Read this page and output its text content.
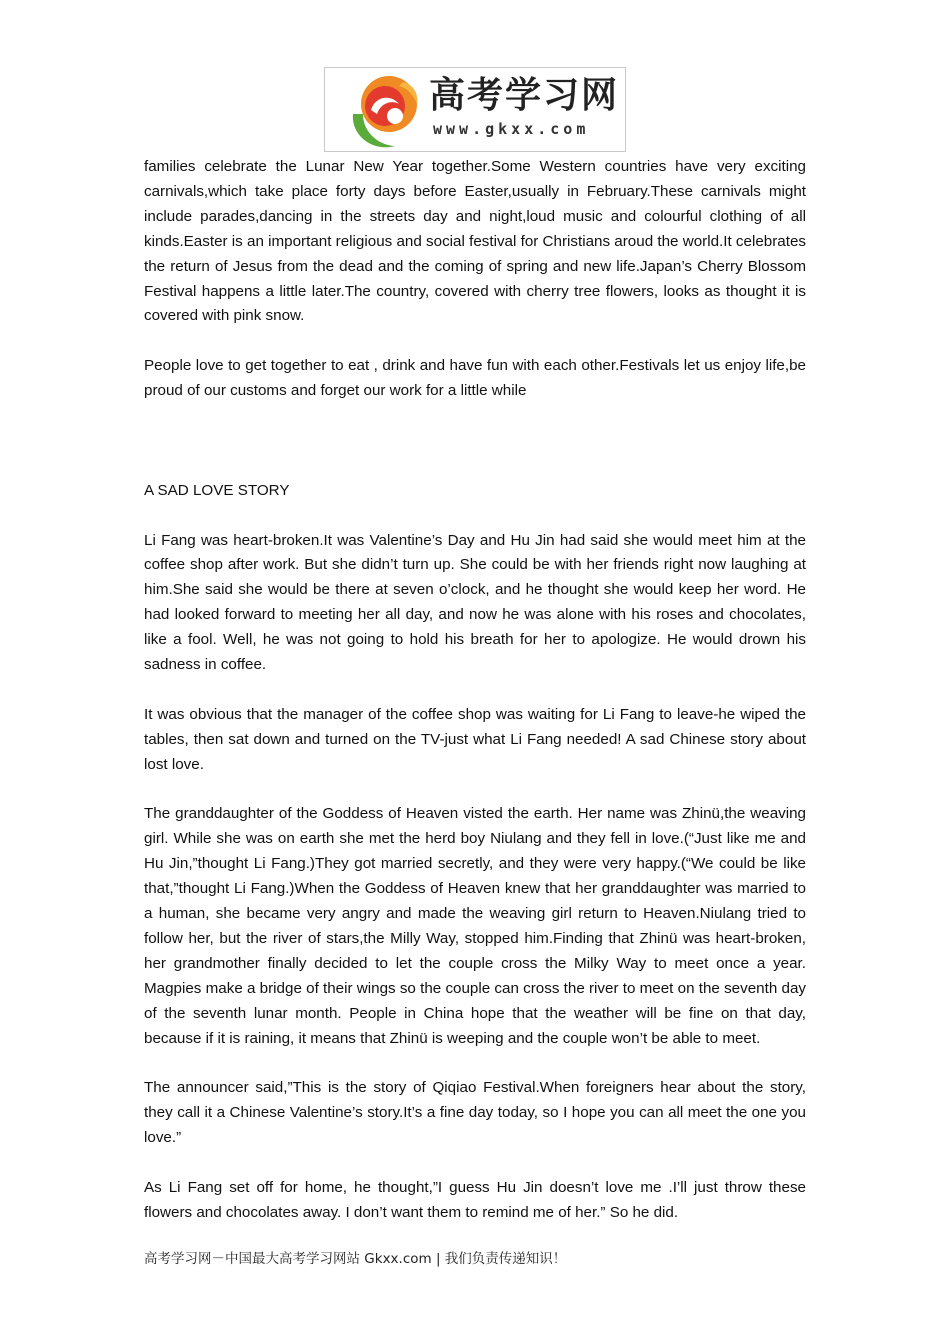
高考学习网
www.gkxx.com

families celebrate the Lunar New Year together.Some Western countries have very exciting carnivals,which take place forty days before Easter,usually in February.These carnivals might include parades,dancing in the streets day and night,loud music and colourful clothing of all kinds.Easter is an important religious and social festival for Christians aroud the world.It celebrates the return of Jesus from the dead and the coming of spring and new life.Japan’s Cherry Blossom Festival happens a little later.The country, covered with cherry tree flowers, looks as thought it is covered with pink snow.

People love to get together to eat , drink and have fun with each other.Festivals let us enjoy life,be proud of our customs and forget our work for a little while

A SAD LOVE STORY

Li Fang was heart-broken.It was Valentine’s Day and Hu Jin had said she would meet him at the coffee shop after work. But she didn’t turn up. She could be with her friends right now laughing at him.She said she would be there at seven o’clock, and he thought she would keep her word. He had looked forward to meeting her all day, and now he was alone with his roses and chocolates, like a fool. Well, he was not going to hold his breath for her to apologize. He would drown his sadness in coffee.

It was obvious that the manager of the coffee shop was waiting for Li Fang to leave-he wiped the tables, then sat down and turned on the TV-just what Li Fang needed! A sad Chinese story about lost love.

The granddaughter of the Goddess of Heaven visted the earth. Her name was Zhinü,the weaving girl. While she was on earth she met the herd boy Niulang and they fell in love.(“Just like me and Hu Jin,”thought Li Fang.)They got married secretly, and they were very happy.(“We could be like that,”thought Li Fang.)When the Goddess of Heaven knew that her granddaughter was married to a human, she became very angry and made the weaving girl return to Heaven.Niulang tried to follow her, but the river of stars,the Milly Way, stopped him.Finding that Zhinü was heart-broken, her grandmother finally decided to let the couple cross the Milky Way to meet once a year. Magpies make a bridge of their wings so the couple can cross the river to meet on the seventh day of the seventh lunar month. People in China hope that the weather will be fine on that day, because if it is raining, it means that Zhinü is weeping and the couple won’t be able to meet.

The announcer said,”This is the story of Qiqiao Festival.When foreigners hear about the story, they call it a Chinese Valentine’s story.It’s a fine day today, so I hope you can all meet the one you love.”

As Li Fang set off for home, he thought,”I guess Hu Jin doesn’t love me .I’ll just throw these flowers and chocolates away. I don’t want them to remind me of her.” So he did.

高考学习网－中国最大高考学习网站 Gkxx.com | 我们负责传递知识！
